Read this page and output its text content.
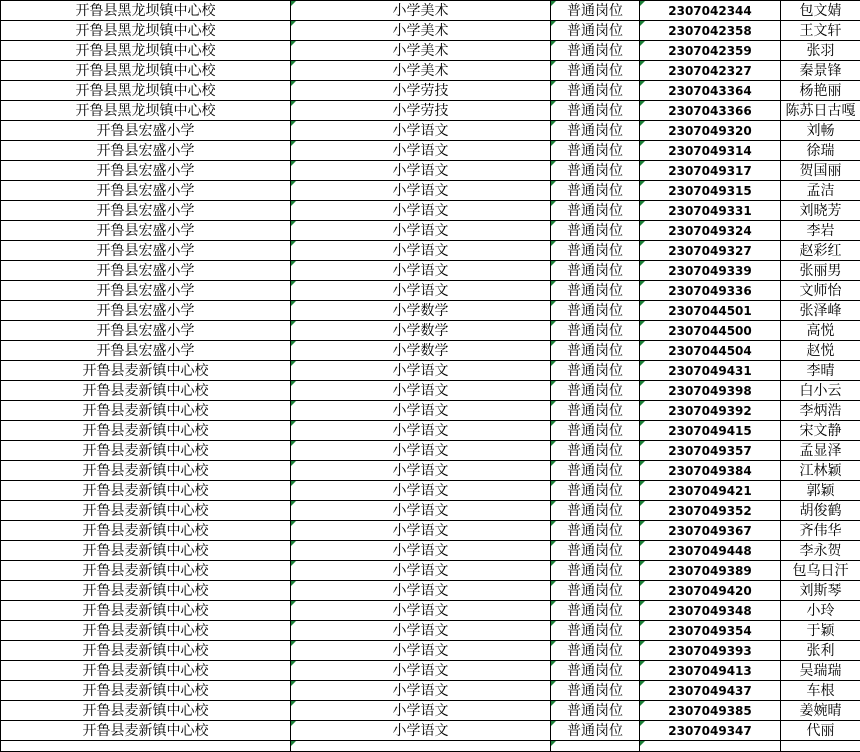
开鲁县黑龙坝镇中心校	小学美术	普通岗位	2307042344	包文婧
开鲁县黑龙坝镇中心校	小学美术	普通岗位	2307042358	王文轩
开鲁县黑龙坝镇中心校	小学美术	普通岗位	2307042359	张羽
开鲁县黑龙坝镇中心校	小学美术	普通岗位	2307042327	秦景锋
开鲁县黑龙坝镇中心校	小学劳技	普通岗位	2307043364	杨艳丽
开鲁县黑龙坝镇中心校	小学劳技	普通岗位	2307043366	陈苏日古嘎
开鲁县宏盛小学	小学语文	普通岗位	2307049320	刘畅
开鲁县宏盛小学	小学语文	普通岗位	2307049314	徐瑞
开鲁县宏盛小学	小学语文	普通岗位	2307049317	贺国丽
开鲁县宏盛小学	小学语文	普通岗位	2307049315	孟洁
开鲁县宏盛小学	小学语文	普通岗位	2307049331	刘晓芳
开鲁县宏盛小学	小学语文	普通岗位	2307049324	李岩
开鲁县宏盛小学	小学语文	普通岗位	2307049327	赵彩红
开鲁县宏盛小学	小学语文	普通岗位	2307049339	张丽男
开鲁县宏盛小学	小学语文	普通岗位	2307049336	文师怡
开鲁县宏盛小学	小学数学	普通岗位	2307044501	张泽峰
开鲁县宏盛小学	小学数学	普通岗位	2307044500	高悦
开鲁县宏盛小学	小学数学	普通岗位	2307044504	赵悦
开鲁县麦新镇中心校	小学语文	普通岗位	2307049431	李晴
开鲁县麦新镇中心校	小学语文	普通岗位	2307049398	白小云
开鲁县麦新镇中心校	小学语文	普通岗位	2307049392	李炳浩
开鲁县麦新镇中心校	小学语文	普通岗位	2307049415	宋文静
开鲁县麦新镇中心校	小学语文	普通岗位	2307049357	孟显泽
开鲁县麦新镇中心校	小学语文	普通岗位	2307049384	江林颖
开鲁县麦新镇中心校	小学语文	普通岗位	2307049421	郭颖
开鲁县麦新镇中心校	小学语文	普通岗位	2307049352	胡俊鹤
开鲁县麦新镇中心校	小学语文	普通岗位	2307049367	齐伟华
开鲁县麦新镇中心校	小学语文	普通岗位	2307049448	李永贺
开鲁县麦新镇中心校	小学语文	普通岗位	2307049389	包乌日汗
开鲁县麦新镇中心校	小学语文	普通岗位	2307049420	刘斯琴
开鲁县麦新镇中心校	小学语文	普通岗位	2307049348	小玲
开鲁县麦新镇中心校	小学语文	普通岗位	2307049354	于颖
开鲁县麦新镇中心校	小学语文	普通岗位	2307049393	张利
开鲁县麦新镇中心校	小学语文	普通岗位	2307049413	吴瑞瑞
开鲁县麦新镇中心校	小学语文	普通岗位	2307049437	车根
开鲁县麦新镇中心校	小学语文	普通岗位	2307049385	姜婉晴
开鲁县麦新镇中心校	小学语文	普通岗位	2307049347	代丽
